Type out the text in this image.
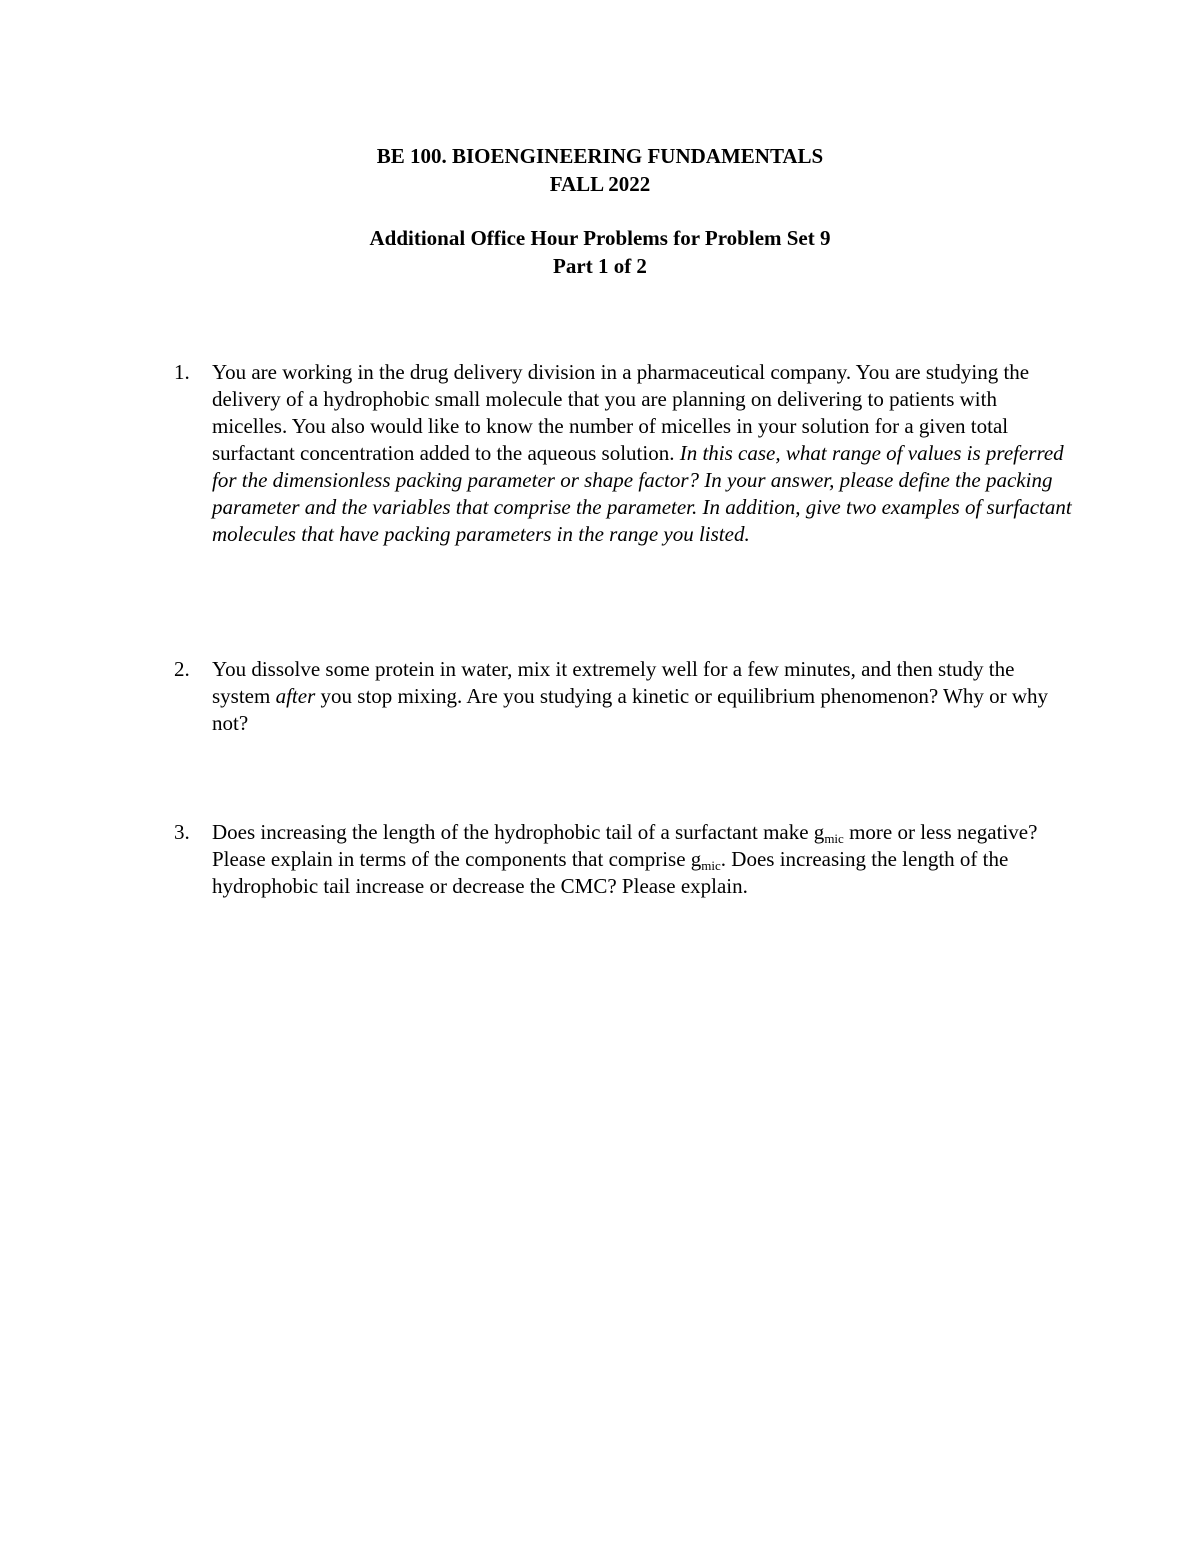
BE 100. BIOENGINEERING FUNDAMENTALS
FALL 2022
Additional Office Hour Problems for Problem Set 9
Part 1 of 2
1.	You are working in the drug delivery division in a pharmaceutical company. You are studying the delivery of a hydrophobic small molecule that you are planning on delivering to patients with micelles. You also would like to know the number of micelles in your solution for a given total surfactant concentration added to the aqueous solution. In this case, what range of values is preferred for the dimensionless packing parameter or shape factor? In your answer, please define the packing parameter and the variables that comprise the parameter. In addition, give two examples of surfactant molecules that have packing parameters in the range you listed.
2.	You dissolve some protein in water, mix it extremely well for a few minutes, and then study the system after you stop mixing. Are you studying a kinetic or equilibrium phenomenon? Why or why not?
3.	Does increasing the length of the hydrophobic tail of a surfactant make $g_{mic}$ more or less negative? Please explain in terms of the components that comprise $g_{mic}$. Does increasing the length of the hydrophobic tail increase or decrease the CMC? Please explain.
